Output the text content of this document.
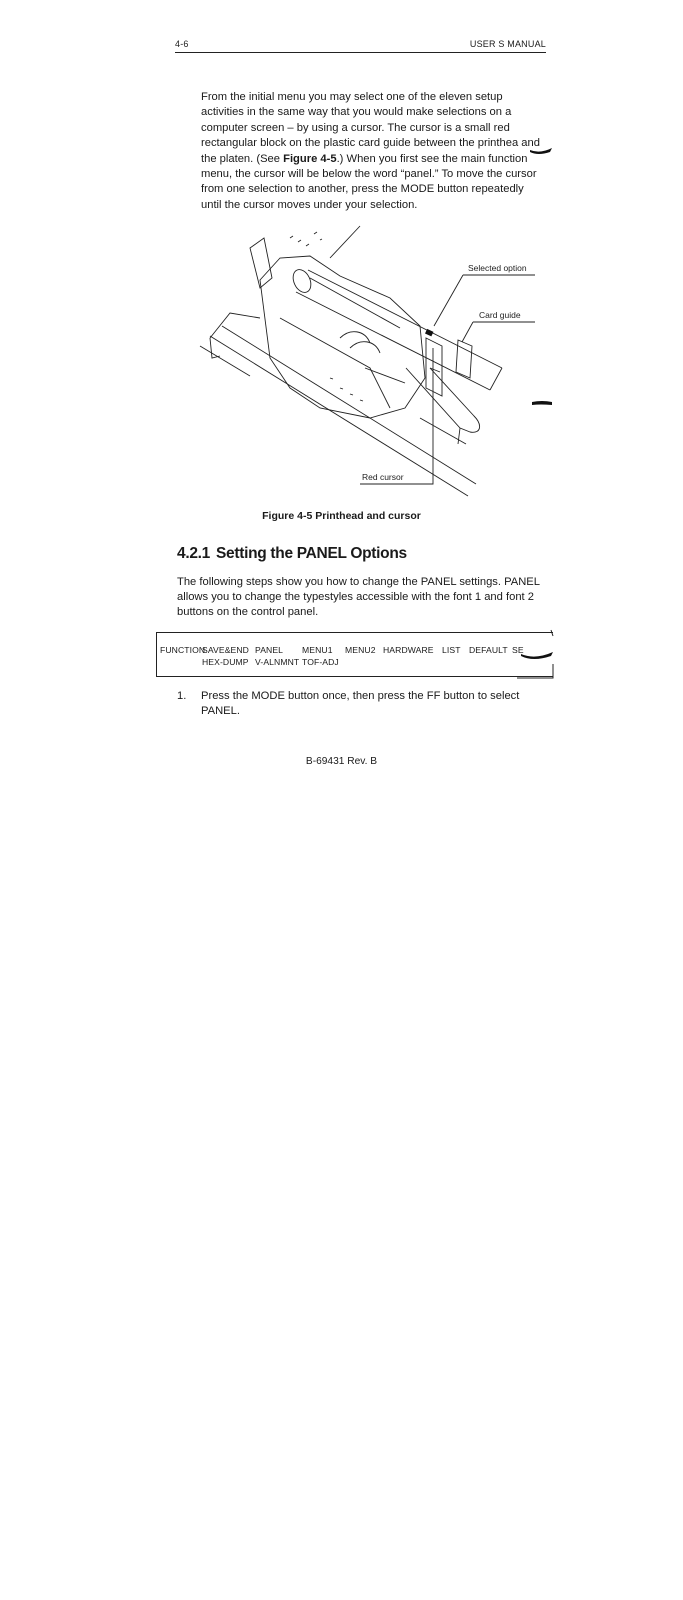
4-6	USER S MANUAL
From the initial menu you may select one of the eleven setup activities in the same way that you would make selections on a computer screen – by using a cursor. The cursor is a small red rectangular block on the plastic card guide between the printhea and the platen. (See Figure 4-5.) When you first see the main function menu, the cursor will be below the word “panel.” To move the cursor from one selection to another, press the MODE button repeatedly until the cursor moves under your selection.
Selected option
Card guide
Red cursor
Figure 4-5 Printhead and cursor
4.2.1 Setting the PANEL Options
The following steps show you how to change the PANEL settings. PANEL allows you to change the typestyles accessible with the font 1 and font 2 buttons on the control panel.
FUNCTION
SAVE&END PANEL MENU1 MENU2 HARDWARE LIST DEFAULT SE
HEX-DUMP V-ALNMNT TOF-ADJ
1. Press the MODE button once, then press the FF button to select PANEL.
B-69431 Rev. B
